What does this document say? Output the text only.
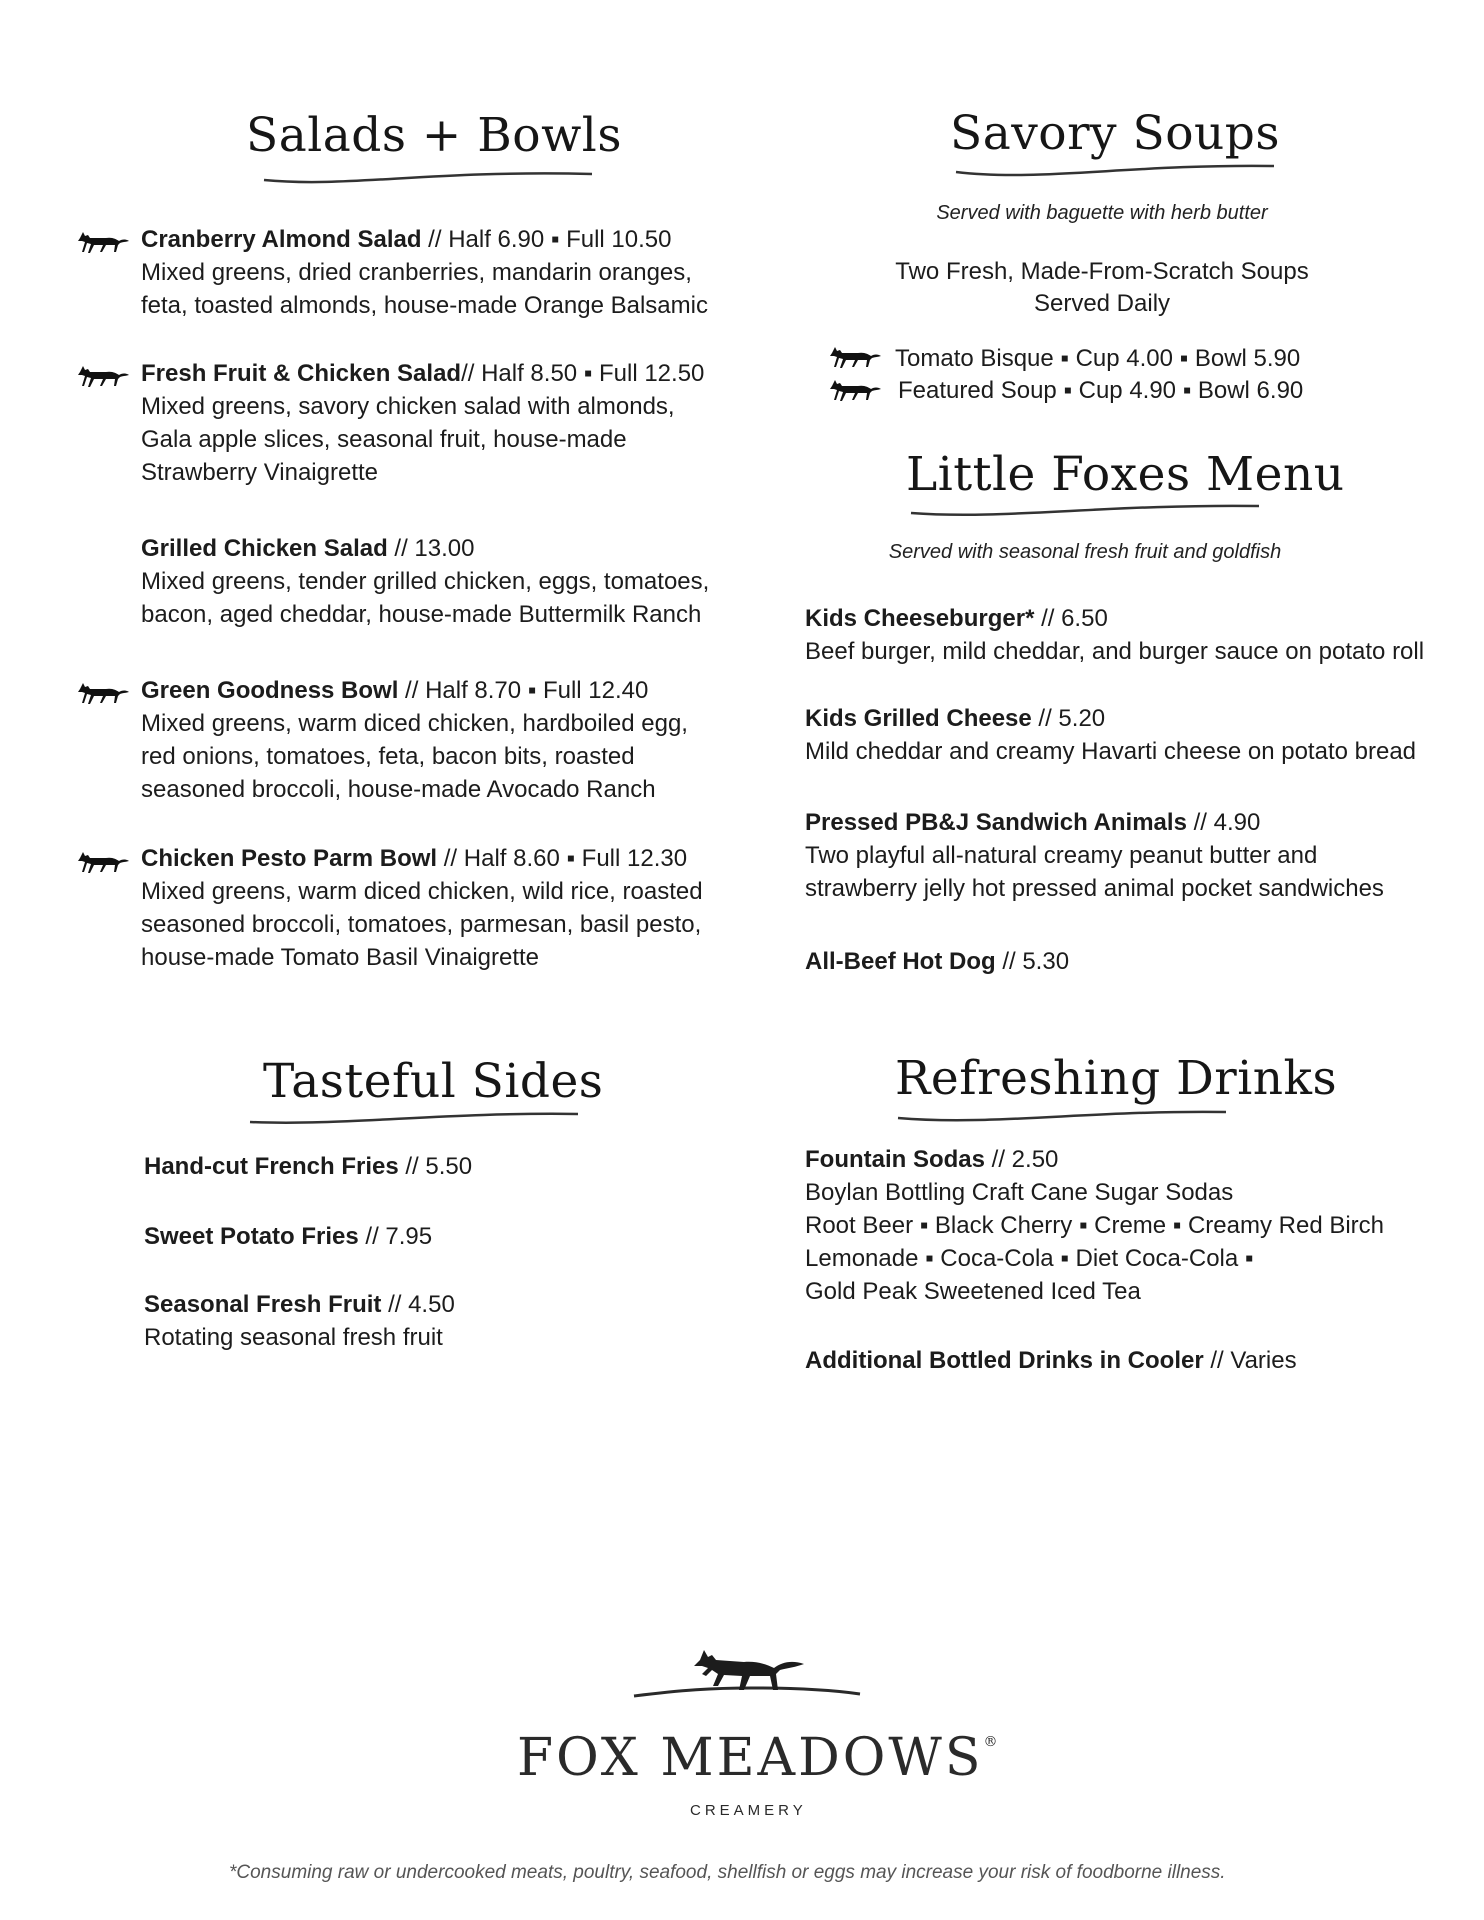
Salads + Bowls
Cranberry Almond Salad // Half 6.90 ▪ Full 10.50
Mixed greens, dried cranberries, mandarin oranges,
feta, toasted almonds, house-made Orange Balsamic
Fresh Fruit & Chicken Salad// Half 8.50 ▪ Full 12.50
Mixed greens, savory chicken salad with almonds,
Gala apple slices, seasonal fruit, house-made
Strawberry Vinaigrette
Grilled Chicken Salad // 13.00
Mixed greens, tender grilled chicken, eggs, tomatoes,
bacon, aged cheddar, house-made Buttermilk Ranch
Green Goodness Bowl // Half 8.70 ▪ Full 12.40
Mixed greens, warm diced chicken, hardboiled egg,
red onions, tomatoes, feta, bacon bits, roasted
seasoned broccoli, house-made Avocado Ranch
Chicken Pesto Parm Bowl // Half 8.60 ▪ Full 12.30
Mixed greens, warm diced chicken, wild rice, roasted
seasoned broccoli, tomatoes, parmesan, basil pesto,
house-made Tomato Basil Vinaigrette
Savory Soups
Served with baguette with herb butter
Two Fresh, Made-From-Scratch Soups
Served Daily
Tomato Bisque ▪ Cup 4.00 ▪ Bowl 5.90
Featured Soup ▪ Cup 4.90 ▪ Bowl 6.90
Little Foxes Menu
Served with seasonal fresh fruit and goldfish
Kids Cheeseburger* // 6.50
Beef burger, mild cheddar, and burger sauce on potato roll
Kids Grilled Cheese // 5.20
Mild cheddar and creamy Havarti cheese on potato bread
Pressed PB&J Sandwich Animals // 4.90
Two playful all-natural creamy peanut butter and
strawberry jelly hot pressed animal pocket sandwiches
All-Beef Hot Dog // 5.30
Tasteful Sides
Hand-cut French Fries // 5.50
Sweet Potato Fries // 7.95
Seasonal Fresh Fruit // 4.50
Rotating seasonal fresh fruit
Refreshing Drinks
Fountain Sodas // 2.50
Boylan Bottling Craft Cane Sugar Sodas
Root Beer ▪ Black Cherry ▪ Creme ▪ Creamy Red Birch
Lemonade ▪ Coca-Cola ▪ Diet Coca-Cola ▪
Gold Peak Sweetened Iced Tea
Additional Bottled Drinks in Cooler // Varies
FOX MEADOWS®
CREAMERY
*Consuming raw or undercooked meats, poultry, seafood, shellfish or eggs may increase your risk of foodborne illness.
